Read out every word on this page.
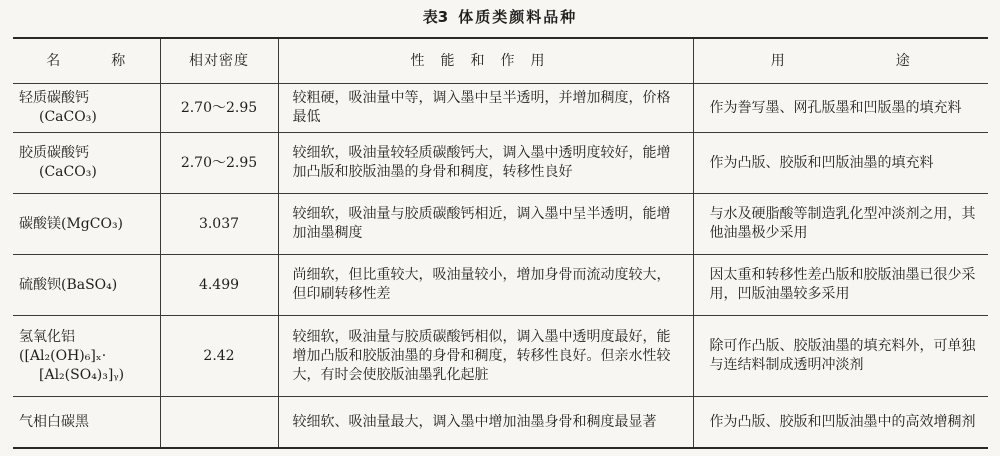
表3 体质类颜料品种
名 称	相对密度	性能和作用	用 途

轻质碳酸钙
(CaCO₃)	2.70～2.95	较粗硬，吸油量中等，调入墨中呈半透明，并增加稠度，价格最低	作为誊写墨、网孔版墨和凹版墨的填充料

胶质碳酸钙
(CaCO₃)	2.70～2.95	较细软，吸油量较轻质碳酸钙大，调入墨中透明度较好，能增加凸版和胶版油墨的身骨和稠度，转移性良好	作为凸版、胶版和凹版油墨的填充料

碳酸镁(MgCO₃)	3.037	较细软，吸油量与胶质碳酸钙相近，调入墨中呈半透明，能增加油墨稠度	与水及硬脂酸等制造乳化型冲淡剂之用，其他油墨极少采用

硫酸钡(BaSO₄)	4.499	尚细软，但比重较大，吸油量较小，增加身骨而流动度较大，但印刷转移性差	因太重和转移性差凸版和胶版油墨已很少采用，凹版油墨较多采用

氢氧化铝
([Al₂(OH)₆]ₓ·
[Al₂(SO₄)₃]ᵧ)	2.42	较细软，吸油量与胶质碳酸钙相似，调入墨中透明度最好，能增加凸版和胶版油墨的身骨和稠度，转移性良好。但亲水性较大，有时会使胶版油墨乳化起脏	除可作凸版、胶版油墨的填充料外，可单独与连结料制成透明冲淡剂

气相白碳黑		较细软、吸油量最大，调入墨中增加油墨身骨和稠度最显著	作为凸版、胶版和凹版油墨中的高效增稠剂
